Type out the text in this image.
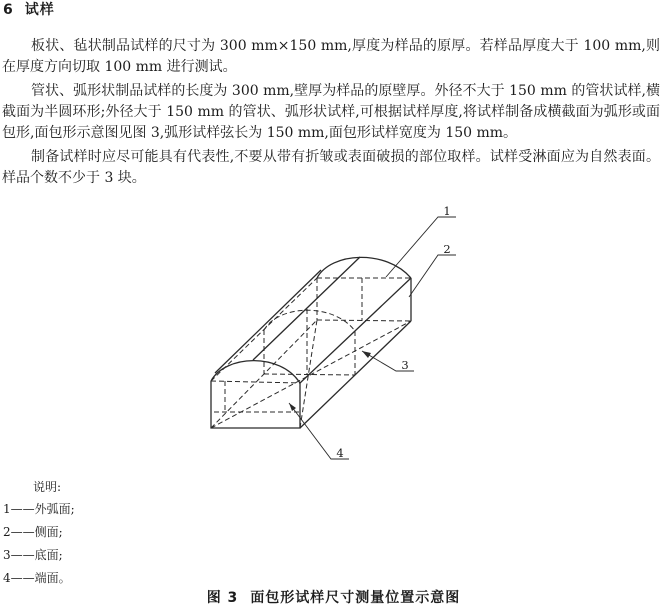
6 试样

板状、毡状制品试样的尺寸为 300 mm×150 mm,厚度为样品的原厚。若样品厚度大于 100 mm,则在厚度方向切取 100 mm 进行测试。

管状、弧形状制品试样的长度为 300 mm,壁厚为样品的原壁厚。外径不大于 150 mm 的管状试样,横截面为半圆环形;外径大于 150 mm 的管状、弧形状试样,可根据试样厚度,将试样制备成横截面为弧形或面包形,面包形示意图见图 3,弧形试样弦长为 150 mm,面包形试样宽度为 150 mm。

制备试样时应尽可能具有代表性,不要从带有折皱或表面破损的部位取样。试样受淋面应为自然表面。样品个数不少于 3 块。

1
2
3
4
说明:
1——外弧面;
2——侧面;
3——底面;
4——端面。
图 3 面包形试样尺寸测量位置示意图
